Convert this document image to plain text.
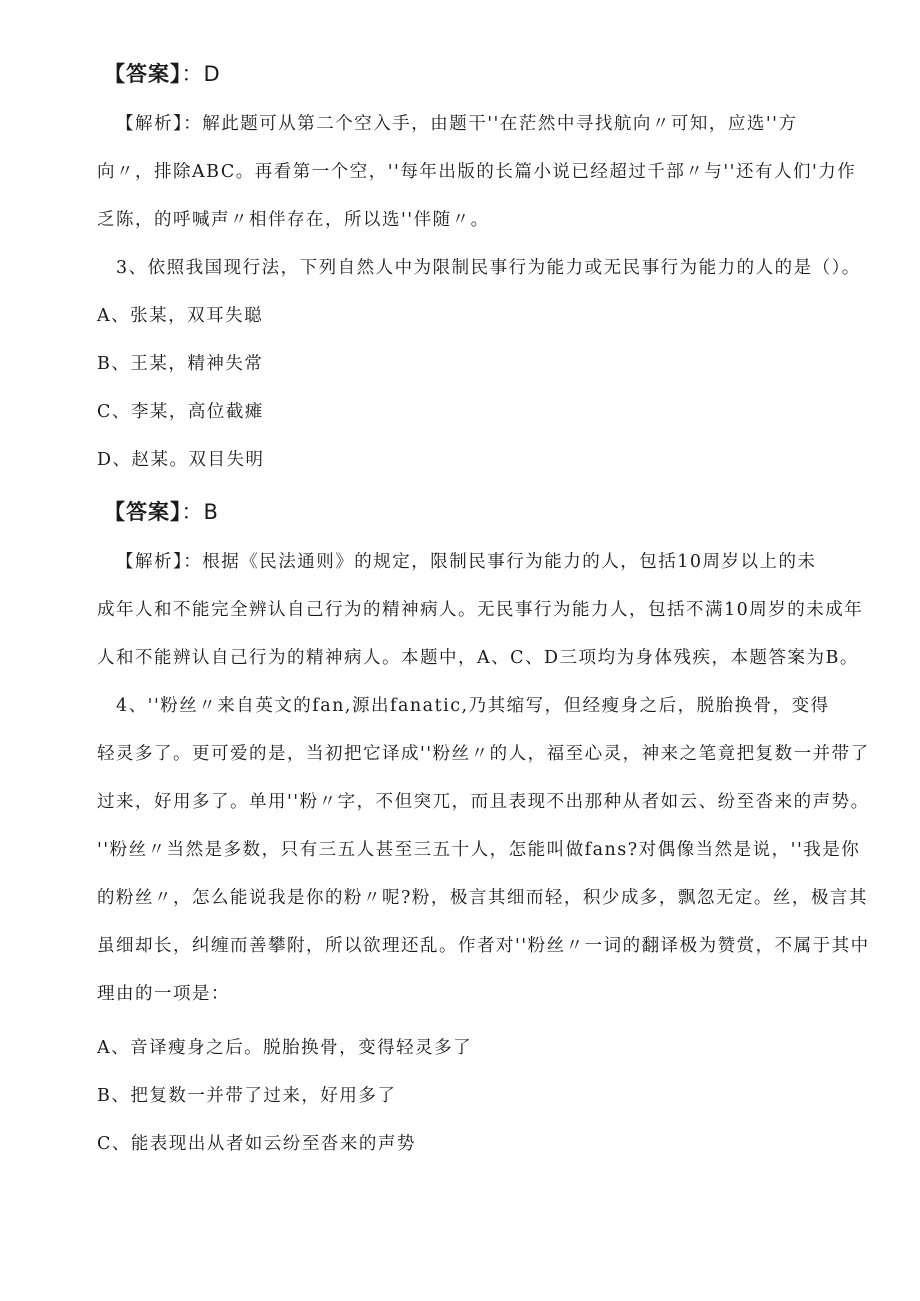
【答案】：D
【解析】：解此题可从第二个空入手，由题干''在茫然中寻找航向〃可知，应选''方
向〃，排除ABC。再看第一个空，''每年出版的长篇小说已经超过千部〃与''还有人们'力作
乏陈，的呼喊声〃相伴存在，所以选''伴随〃。
3、依照我国现行法，下列自然人中为限制民事行为能力或无民事行为能力的人的是（）。
A、张某，双耳失聪
B、王某，精神失常
C、李某，高位截瘫
D、赵某。双目失明
【答案】：B
【解析】：根据《民法通则》的规定，限制民事行为能力的人，包括10周岁以上的未
成年人和不能完全辨认自己行为的精神病人。无民事行为能力人，包括不满10周岁的未成年
人和不能辨认自己行为的精神病人。本题中，A、C、D三项均为身体残疾，本题答案为B。
4、''粉丝〃来自英文的fan,源出fanatic,乃其缩写，但经瘦身之后，脱胎换骨，变得
轻灵多了。更可爱的是，当初把它译成''粉丝〃的人，福至心灵，神来之笔竟把复数一并带了
过来，好用多了。单用''粉〃字，不但突兀，而且表现不出那种从者如云、纷至沓来的声势。
''粉丝〃当然是多数，只有三五人甚至三五十人，怎能叫做fans?对偶像当然是说，''我是你
的粉丝〃，怎么能说我是你的粉〃呢?粉，极言其细而轻，积少成多，飘忽无定。丝，极言其
虽细却长，纠缠而善攀附，所以欲理还乱。作者对''粉丝〃一词的翻译极为赞赏，不属于其中
理由的一项是：
A、音译瘦身之后。脱胎换骨，变得轻灵多了
B、把复数一并带了过来，好用多了
C、能表现出从者如云纷至沓来的声势
